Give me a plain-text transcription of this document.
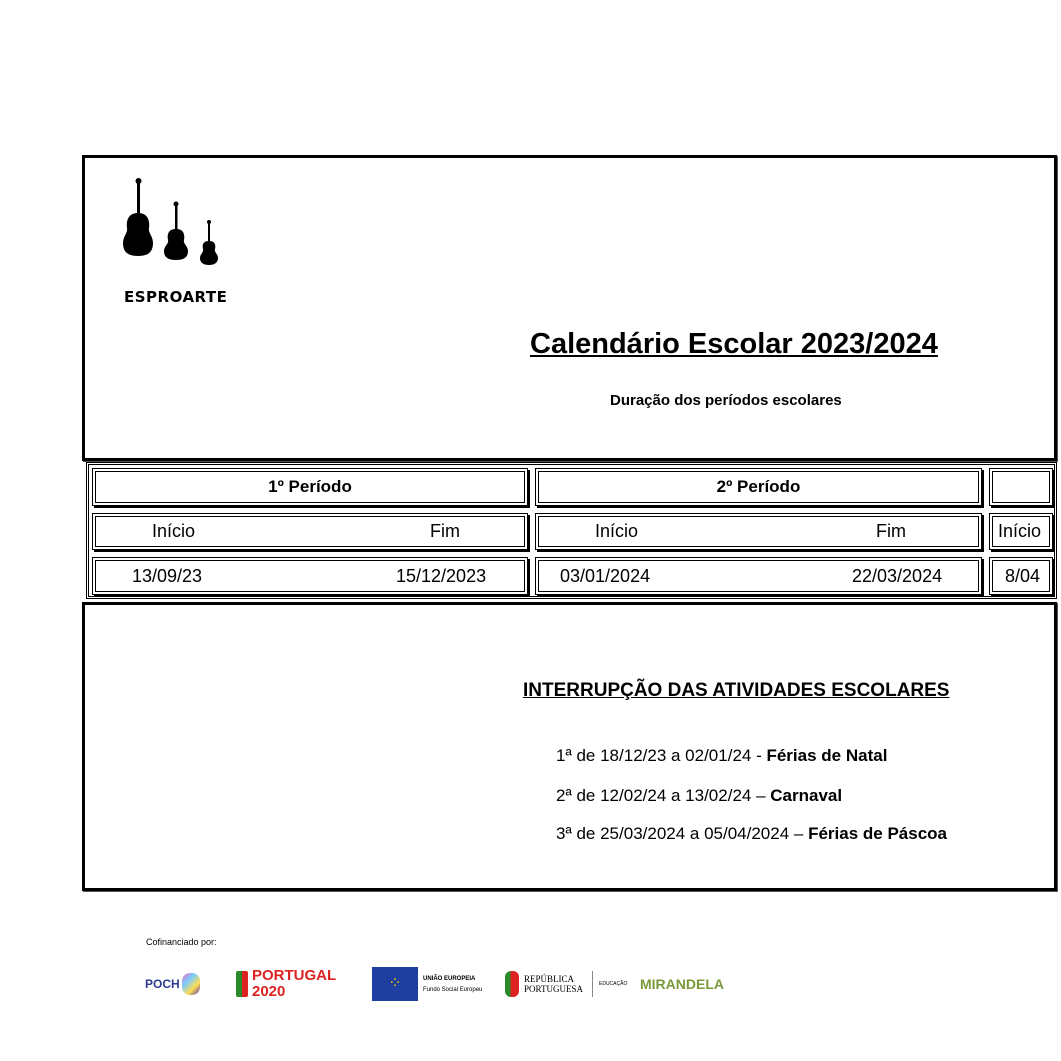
ESPROARTE
Calendário Escolar 2023/2024
Duração dos períodos escolares
1º Período	2º Período
Início	Fim	Início	Fim	Início
13/09/23	15/12/2023	03/01/2024	22/03/2024	8/04
INTERRUPÇÃO DAS ATIVIDADES ESCOLARES
1ª de 18/12/23 a 02/01/24 - Férias de Natal
2ª de 12/02/24 a 13/02/24 – Carnaval
3ª de 25/03/2024 a 05/04/2024 – Férias de Páscoa
Cofinanciado por:
POCH	PORTUGAL 2020	⁘	UNIÃO EUROPEIA
Fundo Social Europeu
REPÚBLICA PORTUGUESA	EDUCAÇÃO MIRANDELA
